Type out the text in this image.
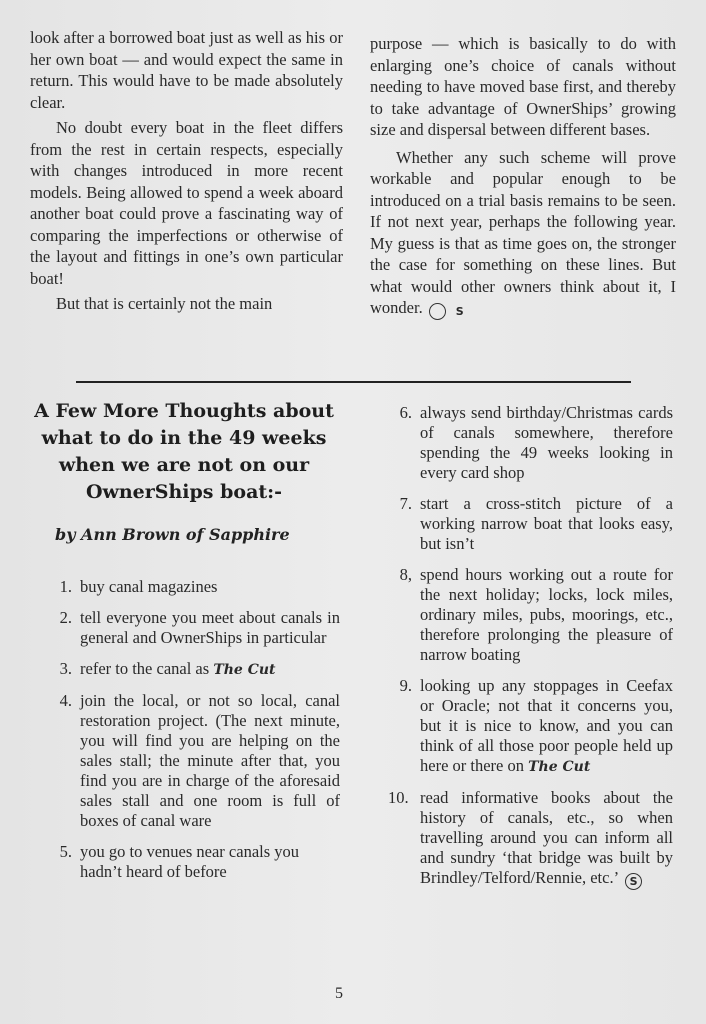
look after a borrowed boat just as well as his or her own boat — and would expect the same in return. This would have to be made absolutely clear.

No doubt every boat in the fleet differs from the rest in certain respects, especially with changes introduced in more recent models. Being allowed to spend a week aboard another boat could prove a fascinating way of comparing the imperfections or otherwise of the layout and fittings in one’s own particular boat!

But that is certainly not the main

purpose — which is basically to do with enlarging one’s choice of canals without needing to have moved base first, and thereby to take advantage of OwnerShips’ growing size and dispersal between different bases.

Whether any such scheme will prove workable and popular enough to be introduced on a trial basis remains to be seen. If not next year, perhaps the following year. My guess is that as time goes on, the stronger the case for something on these lines. But what would other owners think about it, I wonder.	S

A Few More Thoughts about what to do in the 49 weeks when we are not on our OwnerShips boat:-
by Ann Brown of Sapphire
1. buy canal magazines
2. tell everyone you meet about canals in general and OwnerShips in particular
3. refer to the canal as The Cut
4. join the local, or not so local, canal restoration project. (The next minute, you will find you are helping on the sales stall; the minute after that, you find you are in charge of the aforesaid sales stall and one room is full of boxes of canal ware
5. you go to venues near canals you hadn’t heard of before
6. always send birthday/Christmas cards of canals somewhere, therefore spending the 49 weeks looking in every card shop
7. start a cross-stitch picture of a working narrow boat that looks easy, but isn’t
8, spend hours working out a route for the next holiday; locks, lock miles, ordinary miles, pubs, moorings, etc., therefore prolonging the pleasure of narrow boating
9. looking up any stoppages in Ceefax or Oracle; not that it concerns you, but it is nice to know, and you can think of all those poor people held up here or there on The Cut
10. read informative books about the history of canals, etc., so when travelling around you can inform all and sundry ‘that bridge was built by Brindley/Telford/Rennie, etc.’ S
5
